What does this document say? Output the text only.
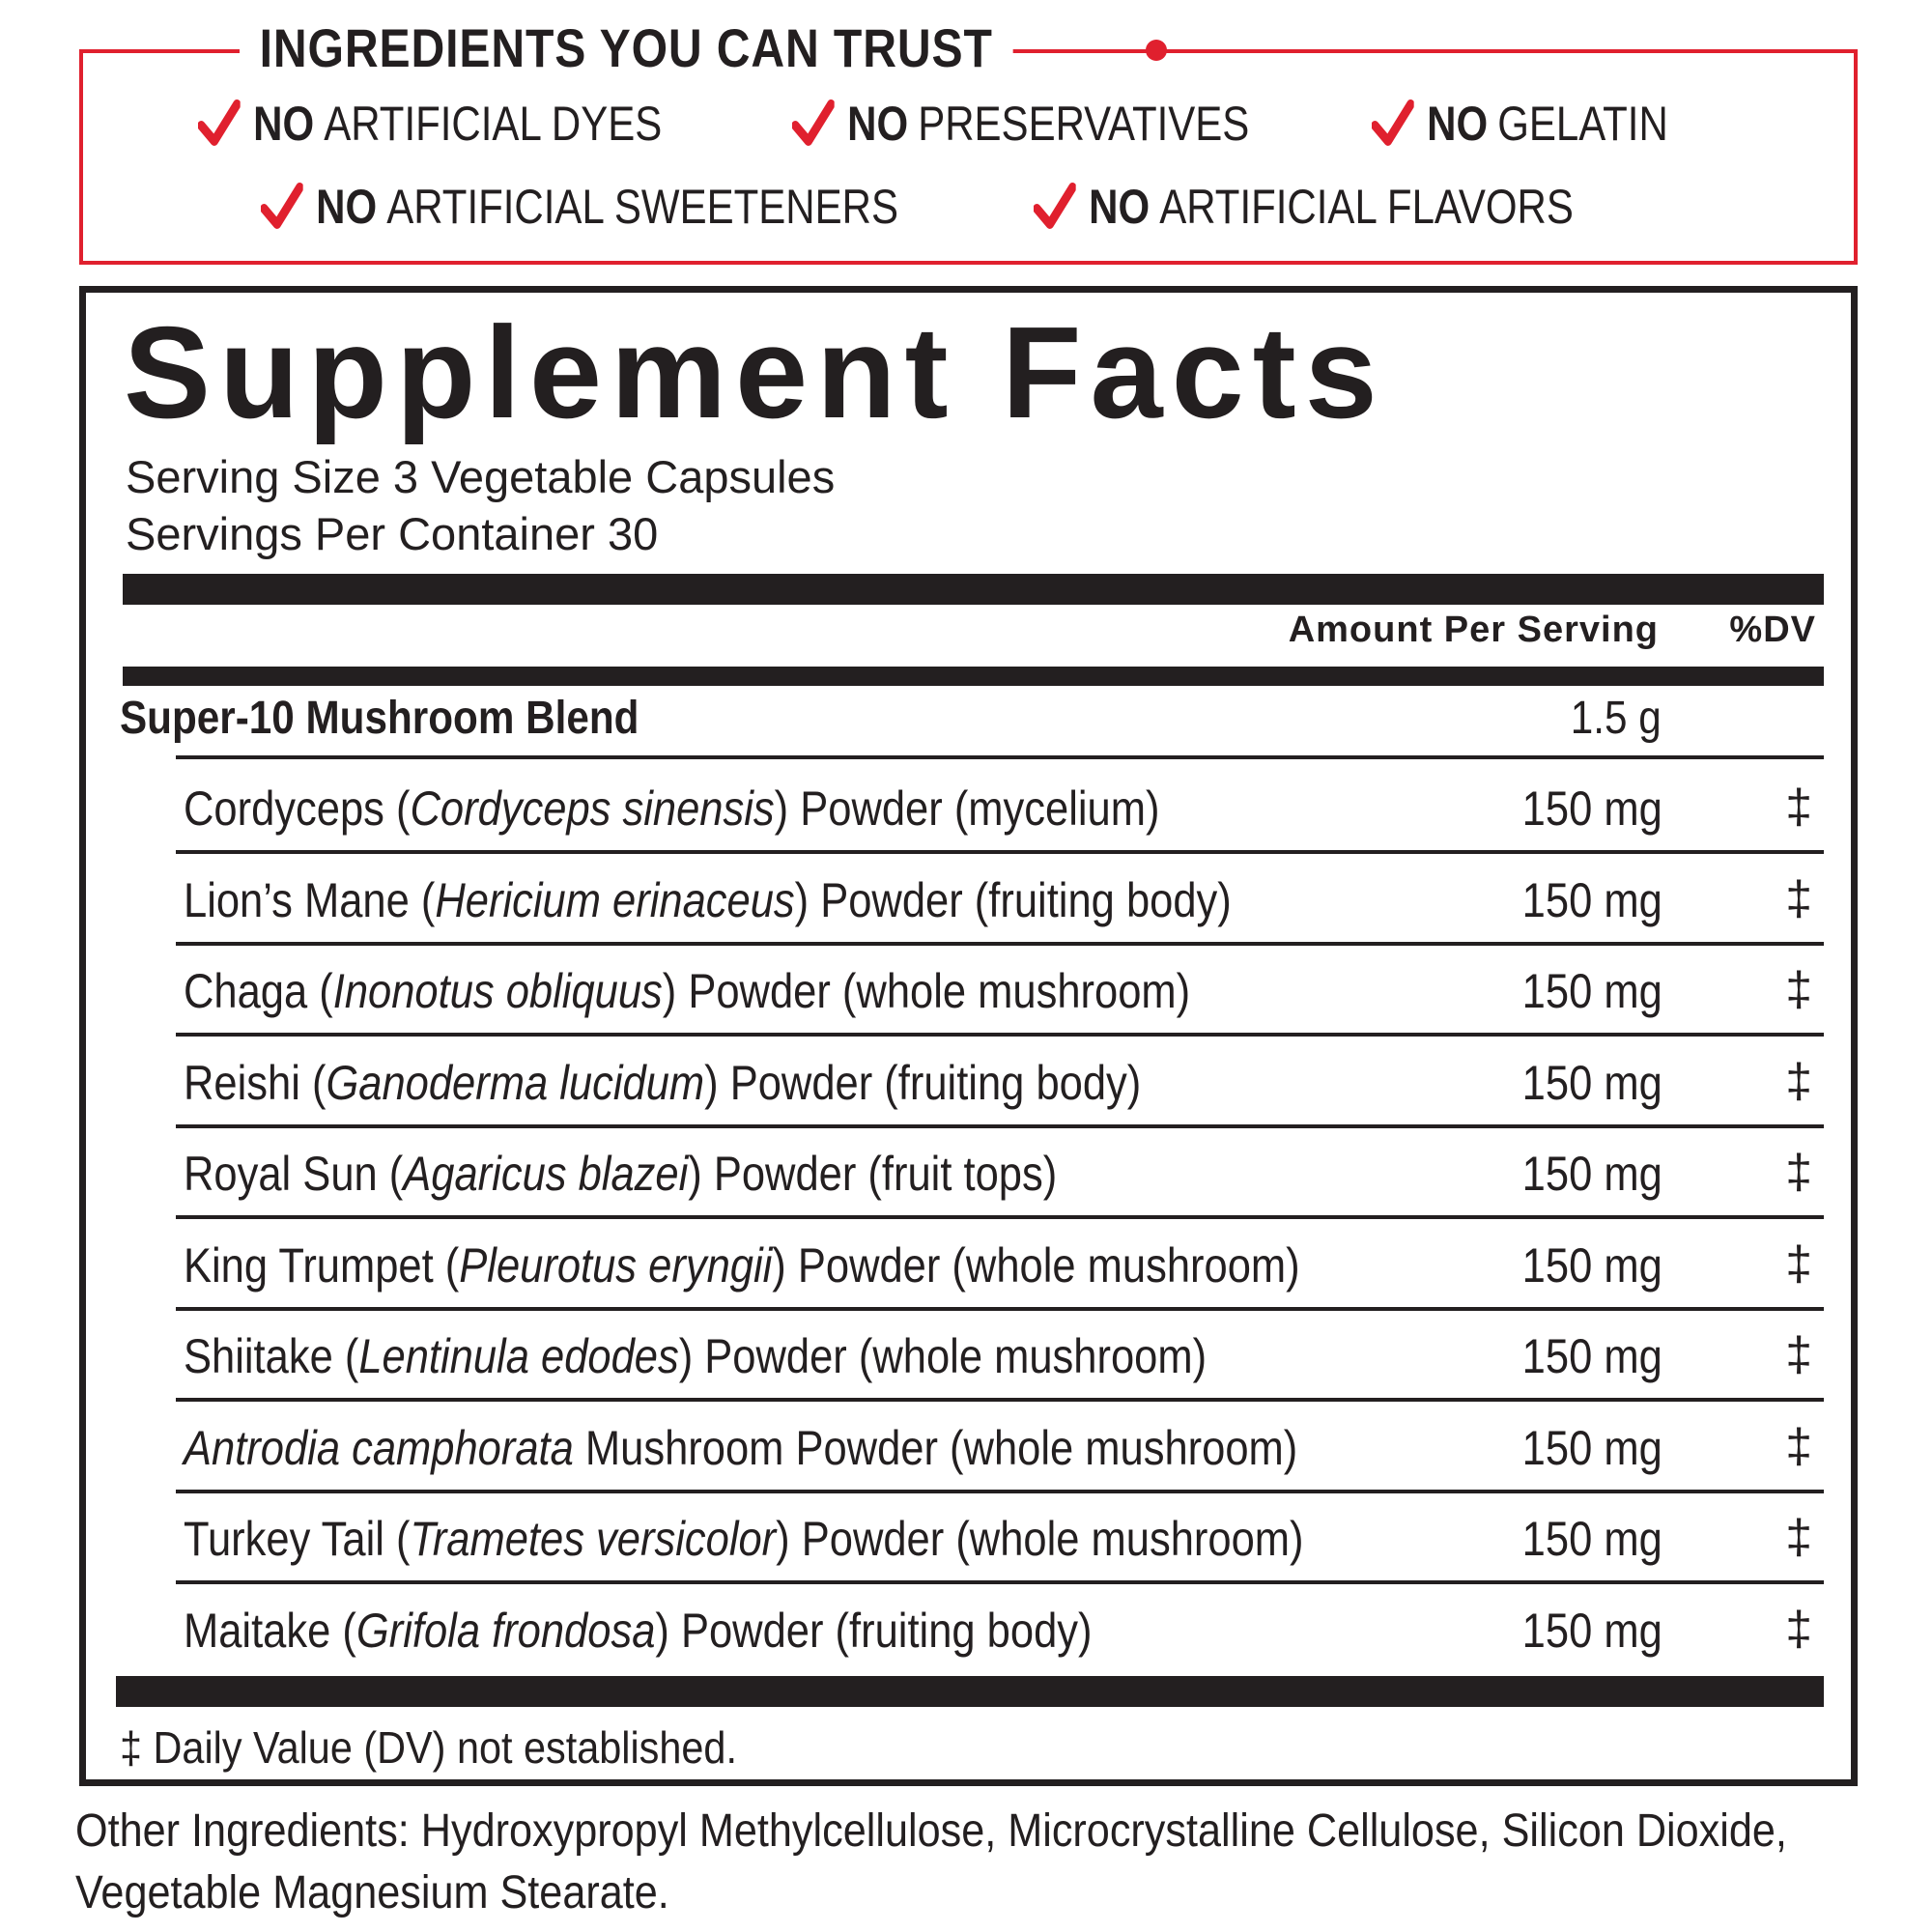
INGREDIENTS YOU CAN TRUST
NO ARTIFICIAL DYES	NO PRESERVATIVES	NO GELATIN
NO ARTIFICIAL SWEETENERS	NO ARTIFICIAL FLAVORS
Supplement Facts
Serving Size 3 Vegetable Capsules
Servings Per Container 30
Amount Per Serving %DV
Super-10 Mushroom Blend	1.5 g
Cordyceps (Cordyceps sinensis) Powder (mycelium)	150 mg	‡
Lion’s Mane (Hericium erinaceus) Powder (fruiting body)	150 mg	‡
Chaga (Inonotus obliquus) Powder (whole mushroom)	150 mg	‡
Reishi (Ganoderma lucidum) Powder (fruiting body)	150 mg	‡
Royal Sun (Agaricus blazei) Powder (fruit tops)	150 mg	‡
King Trumpet (Pleurotus eryngii) Powder (whole mushroom)	150 mg	‡
Shiitake (Lentinula edodes) Powder (whole mushroom)	150 mg	‡
Antrodia camphorata Mushroom Powder (whole mushroom)	150 mg	‡
Turkey Tail (Trametes versicolor) Powder (whole mushroom)	150 mg	‡
Maitake (Grifola frondosa) Powder (fruiting body)	150 mg	‡
‡ Daily Value (DV) not established.
Other Ingredients: Hydroxypropyl Methylcellulose, Microcrystalline Cellulose, Silicon Dioxide, Vegetable Magnesium Stearate.
